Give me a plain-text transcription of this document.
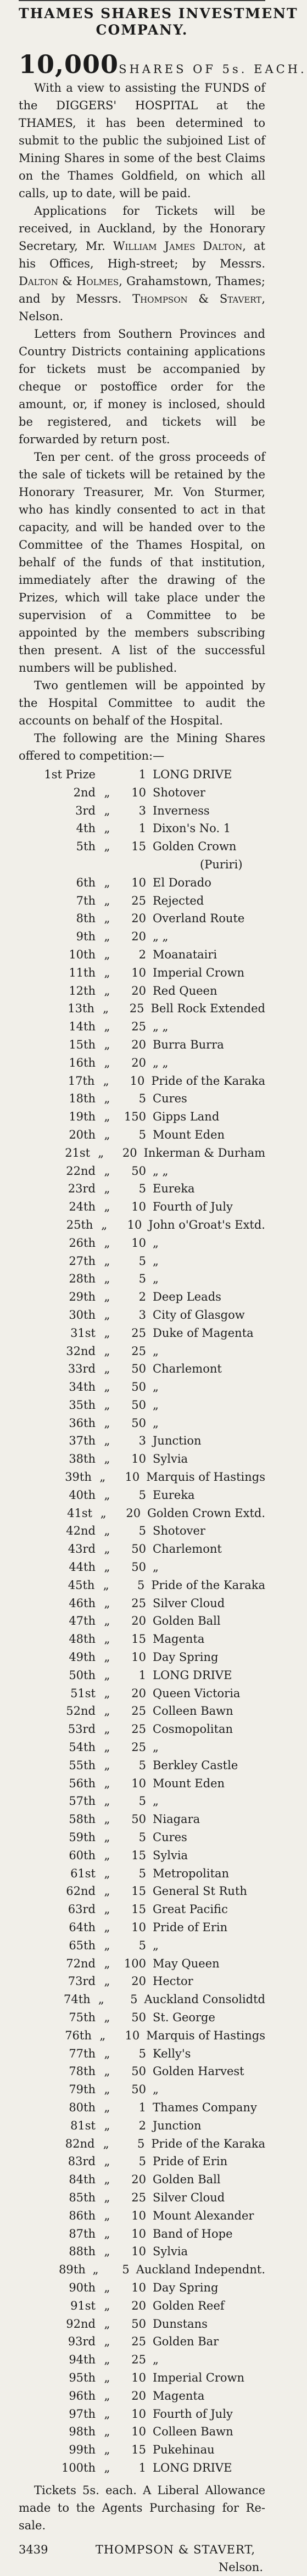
THAMES SHARES INVESTMENT
COMPANY.
10,000 SHARES OF 5s. EACH.

With a view to assisting the FUNDS of the DIGGERS' HOSPITAL at the THAMES, it has been determined to submit to the public the subjoined List of Mining Shares in some of the best Claims on the Thames Goldfield, on which all calls, up to date, will be paid.

Applications for Tickets will be received, in Auckland, by the Honorary Secretary, Mr. William James Dalton, at his Offices, High-street; by Messrs. Dalton & Holmes, Grahamstown, Thames; and by Messrs. Thompson & Stavert, Nelson.

Letters from Southern Provinces and Country Districts containing applications for tickets must be accompanied by cheque or postoffice order for the amount, or, if money is inclosed, should be registered, and tickets will be forwarded by return post.

Ten per cent. of the gross proceeds of the sale of tickets will be retained by the Honorary Treasurer, Mr. Von Sturmer, who has kindly consented to act in that capacity, and will be handed over to the Committee of the Thames Hospital, on behalf of the funds of that institution, immediately after the drawing of the Prizes, which will take place under the supervision of a Committee to be appointed by the members subscribing then present. A list of the successful numbers will be published.

Two gentlemen will be appointed by the Hospital Committee to audit the accounts on behalf of the Hospital.

The following are the Mining Shares offered to competition:—

1st Prize	1 LONG DRIVE
2nd „	10 Shotover
3rd „	3 Inverness
4th „	1 Dixon's No. 1
5th „	15 Golden Crown
(Puriri)
6th „	10 El Dorado
7th „	25 Rejected
8th „	20 Overland Route
9th „	20 „ „
10th „	2 Moanatairi
11th „	10 Imperial Crown
12th „	20 Red Queen
13th „	25 Bell Rock Extended
14th „	25 „ „
15th „	20 Burra Burra
16th „	20 „ „
17th „	10 Pride of the Karaka
18th „	5 Cures
19th „	150 Gipps Land
20th „	5 Mount Eden
21st „	20 Inkerman & Durham
22nd „	50 „ „
23rd „	5 Eureka
24th „	10 Fourth of July
25th „	10 John o'Groat's Extd.
26th „	10 „
27th „	5 „
28th „	5 „
29th „	2 Deep Leads
30th „	3 City of Glasgow
31st „	25 Duke of Magenta
32nd „	25 „
33rd „	50 Charlemont
34th „	50 „
35th „	50 „
36th „	50 „
37th „	3 Junction
38th „	10 Sylvia
39th „	10 Marquis of Hastings
40th „	5 Eureka
41st „	20 Golden Crown Extd.
42nd „	5 Shotover
43rd „	50 Charlemont
44th „	50 „
45th „	5 Pride of the Karaka
46th „	25 Silver Cloud
47th „	20 Golden Ball
48th „	15 Magenta
49th „	10 Day Spring
50th „	1 LONG DRIVE
51st „	20 Queen Victoria
52nd „	25 Colleen Bawn
53rd „	25 Cosmopolitan
54th „	25 „
55th „	5 Berkley Castle
56th „	10 Mount Eden
57th „	5 „
58th „	50 Niagara
59th „	5 Cures
60th „	15 Sylvia
61st „	5 Metropolitan
62nd „	15 General St Ruth
63rd „	15 Great Pacific
64th „	10 Pride of Erin
65th „	5 „
72nd „	100 May Queen
73rd „	20 Hector
74th „	5 Auckland Consolidtd
75th „	50 St. George
76th „	10 Marquis of Hastings
77th „	5 Kelly's
78th „	50 Golden Harvest
79th „	50 „
80th „	1 Thames Company
81st „	2 Junction
82nd „	5 Pride of the Karaka
83rd „	5 Pride of Erin
84th „	20 Golden Ball
85th „	25 Silver Cloud
86th „	10 Mount Alexander
87th „	10 Band of Hope
88th „	10 Sylvia
89th „	5 Auckland Independnt.
90th „	10 Day Spring
91st „	20 Golden Reef
92nd „	50 Dunstans
93rd „	25 Golden Bar
94th „	25 „
95th „	10 Imperial Crown
96th „	20 Magenta
97th „	10 Fourth of July
98th „	10 Colleen Bawn
99th „	15 Pukehinau
100th „	1 LONG DRIVE
Tickets 5s. each. A Liberal Allowance made to the Agents Purchasing for Re-sale.
3439	THOMPSON & STAVERT,
Nelson.
